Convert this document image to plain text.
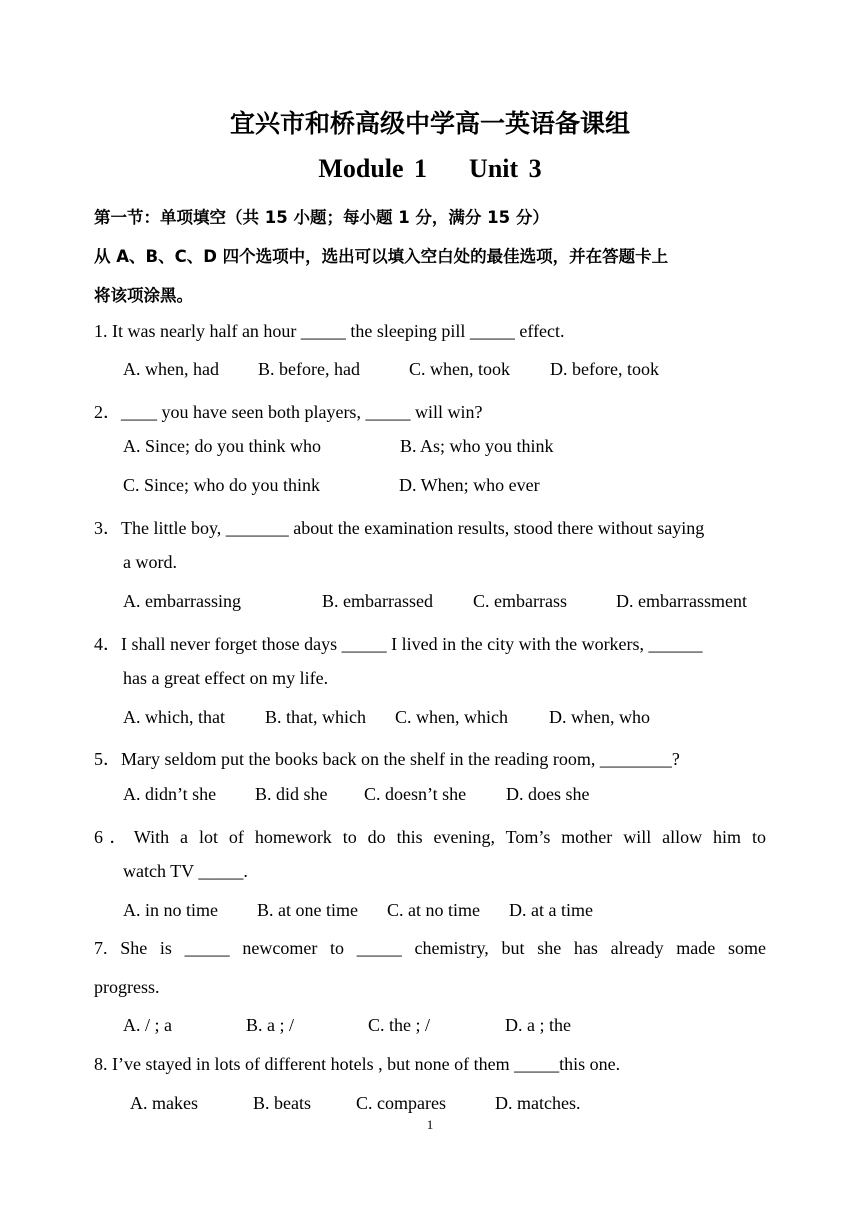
宜兴市和桥高级中学高一英语备课组
Module 1    Unit 3
第一节：单项填空（共 15 小题；每小题 1 分，满分 15 分）
从 A、B、C、D 四个选项中，选出可以填入空白处的最佳选项，并在答题卡上
将该项涂黑。
1. It was nearly half an hour _____ the sleeping pill _____ effect.
A. when, had B. before, had	C. when, took D. before, took
2．____ you have seen both players, _____ will win?
A. Since; do you think who	B. As; who you think
C. Since; who do you think	D. When; who ever
3．The little boy, _______ about the examination results, stood there without saying
a word.
A. embarrassing	B. embarrassed C. embarrass	D. embarrassment
4．I shall never forget those days _____ I lived in the city with the workers, ______
has a great effect on my life.
A. which, that B. that, which C. when, which D. when, who
5．Mary seldom put the books back on the shelf in the reading room, ________?
A. didn’t she B. did she C. doesn’t she D. does she
6．With a lot of homework to do this evening, Tom’s mother will allow him to
watch TV _____.
A. in no time B. at one time C. at no time D. at a time
7. She is _____ newcomer to _____ chemistry, but she has already made some
progress.
A. / ; a	B. a ; /	C. the ; /	D. a ; the
8. I’ve stayed in lots of different hotels , but none of them _____this one.
A. makes	B. beats	C. compares	D. matches.
1
